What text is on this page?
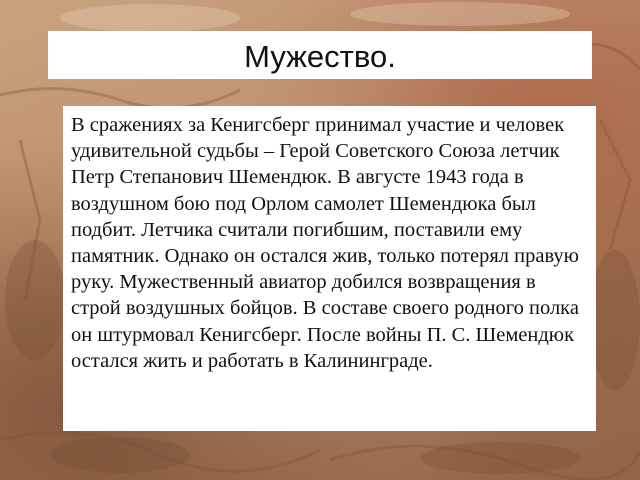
Мужество.

В сражениях за Кенигсберг принимал участие и человек удивительной судьбы – Герой Советского Союза летчик Петр Степанович Шемендюк. В августе 1943 года в воздушном бою под Орлом самолет Шемендюка был подбит. Летчика считали погибшим, поставили ему памятник. Однако он остался жив, только потерял правую руку. Мужественный авиатор добился возвращения в строй воздушных бойцов. В составе своего родного полка он штурмовал Кенигсберг. После войны П. С. Шемендюк остался жить и работать в Калининграде.
